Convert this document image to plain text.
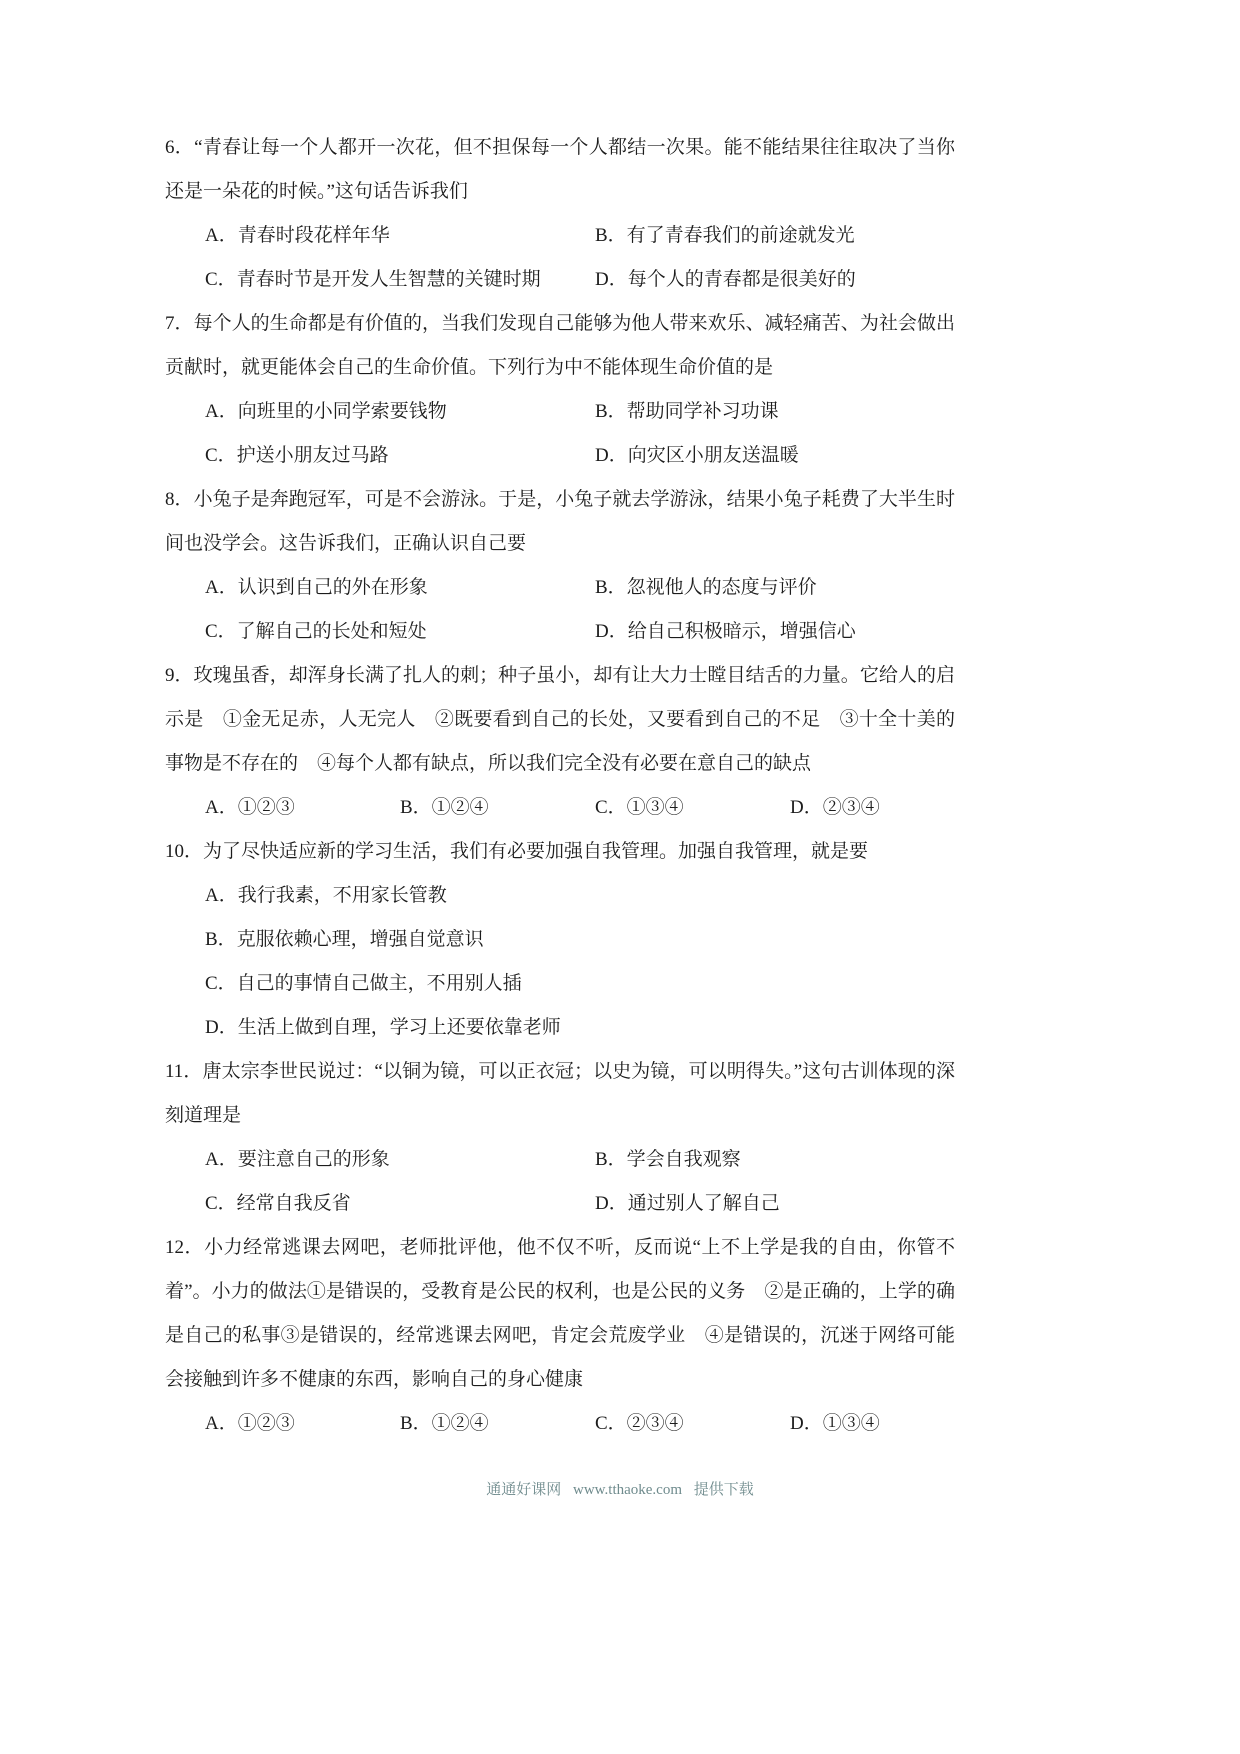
6．“青春让每一个人都开一次花，但不担保每一个人都结一次果。能不能结果往往取决了当你还是一朵花的时候。”这句话告诉我们

A．青春时段花样年华	B．有了青春我们的前途就发光
C．青春时节是开发人生智慧的关键时期	D．每个人的青春都是很美好的

7．每个人的生命都是有价值的，当我们发现自己能够为他人带来欢乐、减轻痛苦、为社会做出贡献时，就更能体会自己的生命价值。下列行为中不能体现生命价值的是

A．向班里的小同学索要钱物	B．帮助同学补习功课
C．护送小朋友过马路	D．向灾区小朋友送温暖

8．小兔子是奔跑冠军，可是不会游泳。于是，小兔子就去学游泳，结果小兔子耗费了大半生时间也没学会。这告诉我们，正确认识自己要

A．认识到自己的外在形象	B．忽视他人的态度与评价
C．了解自己的长处和短处	D．给自己积极暗示，增强信心

9．玫瑰虽香，却浑身长满了扎人的刺；种子虽小，却有让大力士瞠目结舌的力量。它给人的启示是　①金无足赤，人无完人　②既要看到自己的长处，又要看到自己的不足　③十全十美的事物是不存在的　④每个人都有缺点，所以我们完全没有必要在意自己的缺点

A．①②③	B．①②④	C．①③④	D．②③④

10．为了尽快适应新的学习生活，我们有必要加强自我管理。加强自我管理，就是要

A．我行我素，不用家长管教
B．克服依赖心理，增强自觉意识
C．自己的事情自己做主，不用别人插
D．生活上做到自理，学习上还要依靠老师

11．唐太宗李世民说过：“以铜为镜，可以正衣冠；以史为镜，可以明得失。”这句古训体现的深刻道理是

A．要注意自己的形象	B．学会自我观察
C．经常自我反省	D．通过别人了解自己

12．小力经常逃课去网吧，老师批评他，他不仅不听，反而说“上不上学是我的自由，你管不着”。小力的做法①是错误的，受教育是公民的权利，也是公民的义务　②是正确的，上学的确是自己的私事③是错误的，经常逃课去网吧，肯定会荒废学业　④是错误的，沉迷于网络可能会接触到许多不健康的东西，影响自己的身心健康

A．①②③	B．①②④	C．②③④	D．①③④
通通好课网 www.tthaoke.com 提供下载
